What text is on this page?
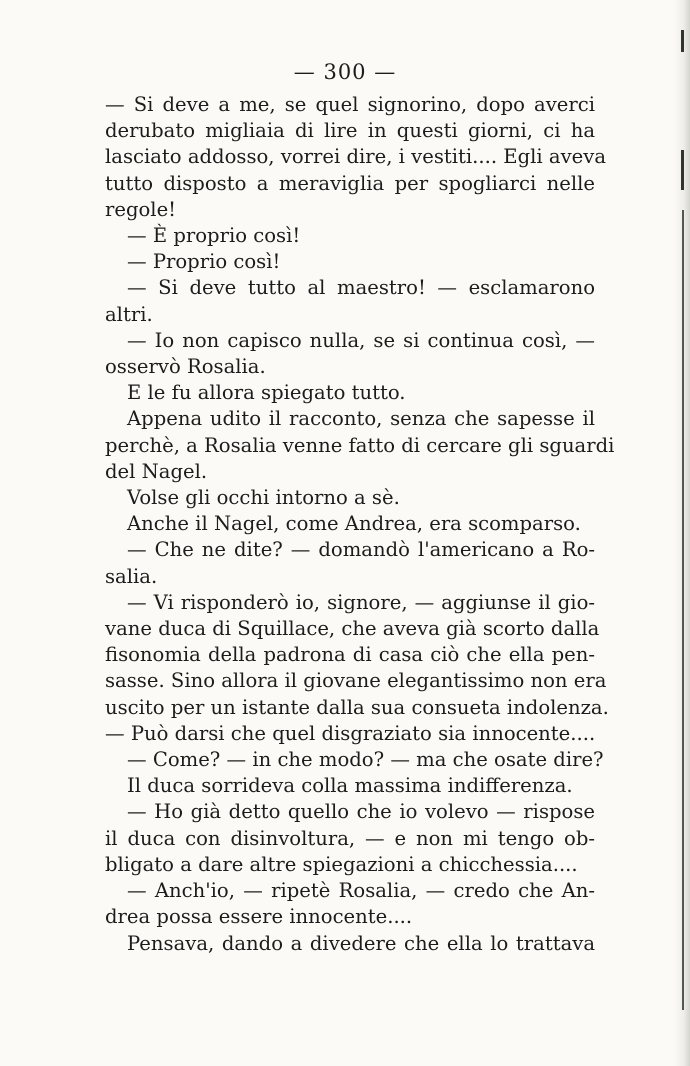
— 300 —
— Si deve a me, se quel signorino, dopo averci
derubato migliaia di lire in questi giorni, ci ha
lasciato addosso, vorrei dire, i vestiti.... Egli aveva
tutto disposto a meraviglia per spogliarci nelle
regole!
— È proprio così!
— Proprio così!
— Si deve tutto al maestro! — esclamarono
altri.
— Io non capisco nulla, se si continua così, —
osservò Rosalia.
E le fu allora spiegato tutto.
Appena udito il racconto, senza che sapesse il
perchè, a Rosalia venne fatto di cercare gli sguardi
del Nagel.
Volse gli occhi intorno a sè.
Anche il Nagel, come Andrea, era scomparso.
— Che ne dite? — domandò l'americano a Ro-
salia.
— Vi risponderò io, signore, — aggiunse il gio-
vane duca di Squillace, che aveva già scorto dalla
fisonomia della padrona di casa ciò che ella pen-
sasse. Sino allora il giovane elegantissimo non era
uscito per un istante dalla sua consueta indolenza.
— Può darsi che quel disgraziato sia innocente....
— Come? — in che modo? — ma che osate dire?
Il duca sorrideva colla massima indifferenza.
— Ho già detto quello che io volevo — rispose
il duca con disinvoltura, — e non mi tengo ob-
bligato a dare altre spiegazioni a chicchessia....
— Anch'io, — ripetè Rosalia, — credo che An-
drea possa essere innocente....
Pensava, dando a divedere che ella lo trattava
